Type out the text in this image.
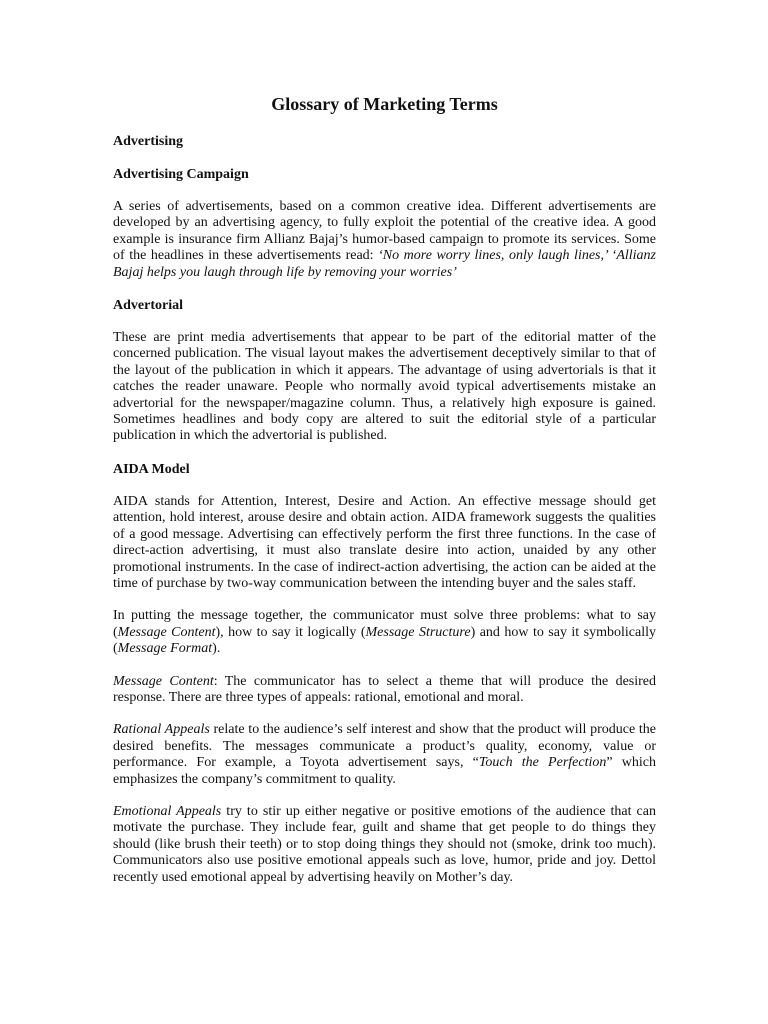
Glossary of Marketing Terms
Advertising
Advertising Campaign

A series of advertisements, based on a common creative idea. Different advertisements are developed by an advertising agency, to fully exploit the potential of the creative idea. A good example is insurance firm Allianz Bajaj’s humor-based campaign to promote its services. Some of the headlines in these advertisements read: ‘No more worry lines, only laugh lines,’ ‘Allianz Bajaj helps you laugh through life by removing your worries’

Advertorial

These are print media advertisements that appear to be part of the editorial matter of the concerned publication. The visual layout makes the advertisement deceptively similar to that of the layout of the publication in which it appears. The advantage of using advertorials is that it catches the reader unaware. People who normally avoid typical advertisements mistake an advertorial for the newspaper/magazine column. Thus, a relatively high exposure is gained. Sometimes headlines and body copy are altered to suit the editorial style of a particular publication in which the advertorial is published.

AIDA Model

AIDA stands for Attention, Interest, Desire and Action. An effective message should get attention, hold interest, arouse desire and obtain action. AIDA framework suggests the qualities of a good message. Advertising can effectively perform the first three functions. In the case of direct-action advertising, it must also translate desire into action, unaided by any other promotional instruments. In the case of indirect-action advertising, the action can be aided at the time of purchase by two-way communication between the intending buyer and the sales staff.

In putting the message together, the communicator must solve three problems: what to say (Message Content), how to say it logically (Message Structure) and how to say it symbolically (Message Format).

Message Content: The communicator has to select a theme that will produce the desired response. There are three types of appeals: rational, emotional and moral.

Rational Appeals relate to the audience’s self interest and show that the product will produce the desired benefits. The messages communicate a product’s quality, economy, value or performance. For example, a Toyota advertisement says, “Touch the Perfection” which emphasizes the company’s commitment to quality.

Emotional Appeals try to stir up either negative or positive emotions of the audience that can motivate the purchase. They include fear, guilt and shame that get people to do things they should (like brush their teeth) or to stop doing things they should not (smoke, drink too much). Communicators also use positive emotional appeals such as love, humor, pride and joy. Dettol recently used emotional appeal by advertising heavily on Mother’s day.
